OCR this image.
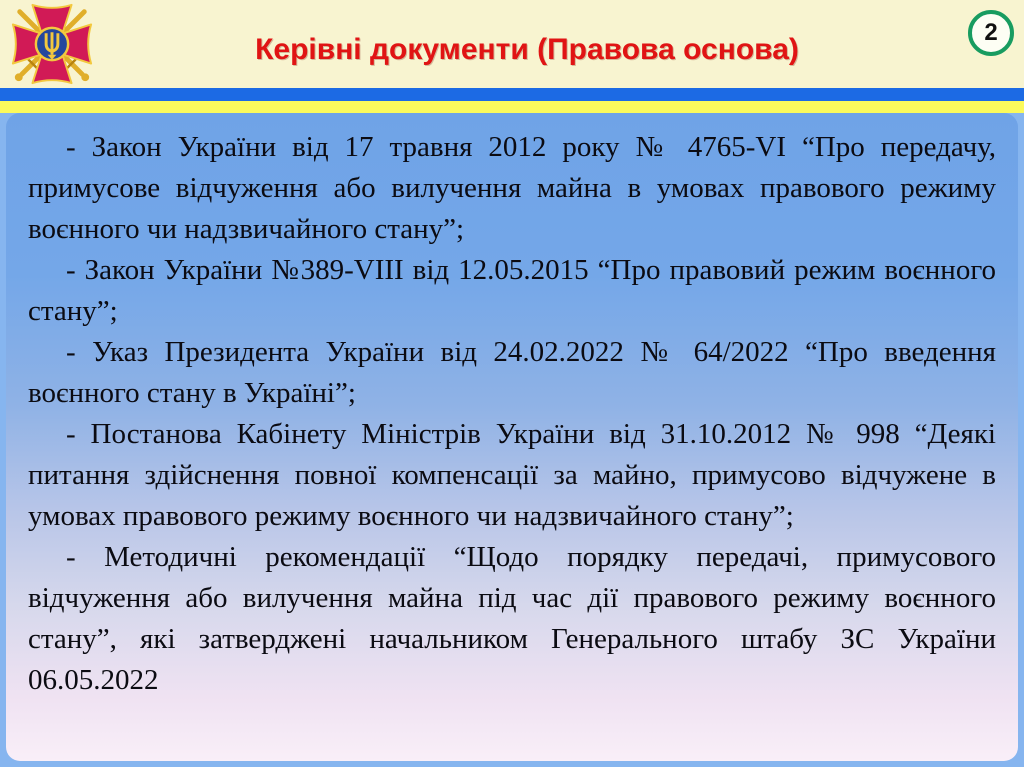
Керівні документи (Правова основа)
2

- Закон України від 17 травня 2012 року № 4765-VI “Про передачу, примусове відчуження або вилучення майна в умовах правового режиму воєнного чи надзвичайного стану”;

- Закон України №389-VIII від 12.05.2015 “Про правовий режим воєнного стану”;

- Указ Президента України від 24.02.2022 № 64/2022 “Про введення воєнного стану в Україні”;

- Постанова Кабінету Міністрів України від 31.10.2012 № 998 “Деякі питання здійснення повної компенсації за майно, примусово відчужене в умовах правового режиму воєнного чи надзвичайного стану”;

- Методичні рекомендації “Щодо порядку передачі, примусового відчуження або вилучення майна під час дії правового режиму воєнного стану”, які затверджені начальником Генерального штабу ЗС України 06.05.2022
